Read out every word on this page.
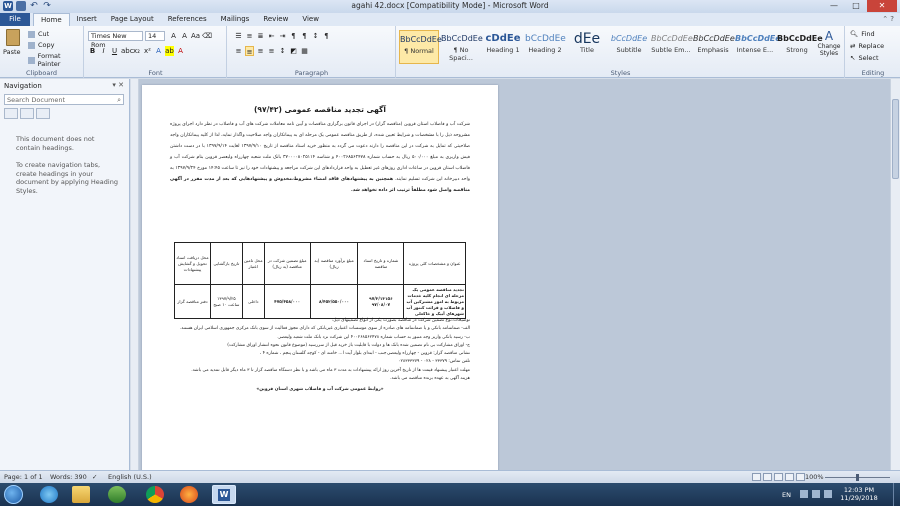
W ↶ ↷	agahi 42.docx [Compatibility Mode] - Microsoft Word	—	□	✕
File	Home	Insert	Page Layout	References	Mailings	Review	View	⌃ ?
Paste
Cut
Copy
Format Painter
Clipboard
Times New Rom
14	A A Aa ⌫
B	I	U abc x₂ x² A ab A
Font
☰ ≡ ≣ ⇤ ⇥ ¶ ¶ ↕ ¶
≡ ≡ ≡ ≡ ↕ ◩ ▦
Paragraph
BbCcDdEe
¶ Normal
BbCcDdEe
¶ No Spaci...
cDdEe
Heading 1
bCcDdEe
Heading 2
dEe
Title
bCcDdEe
Subtitle
BbCcDdEe
Subtle Em...
BbCcDdEe
Emphasis
BbCcDdEe
Intense E...
BbCcDdEe
Strong
A
Change Styles
Styles
🔍︎ Find
⇄ Replace
↖ Select
Editing
Navigation	▾ ✕
Search Document	⌕
This document does not contain headings.
To create navigation tabs, create headings in your document by applying Heading Styles.
آگهی تجدید مناقصه عمومی (۹۷/۴۲)
شرکت آب و فاضلاب استان قزوین (مناقصه گزار) در اجرای قانون برگزاری مناقصات و آیین نامه معاملات شرکت های آب و فاضلاب در نظر دارد اجرای پروژه مشروحه ذیل را با مشخصات و شرایط تعیین شده، از طریق مناقصه عمومی یک مرحله ای به پیمانکاران واجد صلاحیت واگذار نماید، لذا از کلیه پیمانکاران واجد صلاحیتی که تمایل به شرکت در این مناقصه را دارند دعوت می گردد به منظور خرید اسناد مناقصه از تاریخ ۱۳۹۷/۹/۱۰ لغایت ۱۳۹۷/۹/۱۴ با در دست داشتن فیش واریزی به مبلغ ۵۰۰/۰۰۰ ریال به حساب شماره ۴۰۰۲۶۸۵۶۲۴۷۸ و شناسه ۳۷۰۰۰۰۸۰۲۵۱۱۴ بانک ملت شعبه چهارراه ولیعصر قزوین بنام شرکت آب و فاضلاب استان قزوین در ساعات اداری روزهای غیر تعطیل به واحد قراردادهای این شرکت مراجعه و پیشنهادات خود را نیز تا ساعت ۱۴:۴۵ مورخ ۱۳۹۷/۹/۲۴ به واحد دبیرخانه این شرکت تسلیم نمایند. همچنین به پیشنهادهای فاقد امضاء مشروط،مخدوش و پیشنهادهایی که بعد از مدت مقرر در آگهی مناقصه واصل شود مطلقاً ترتیب اثر داده نخواهد شد.
عنوان و مشخصات کلی پروژه	شماره و تاریخ اسناد مناقصه	مبلغ برآورد مناقصه (به ریال)	مبلغ تضمین شرکت در مناقصه (به ریال)	محل تامین اعتبار	تاریخ بازگشایی	محل دریافت اسناد تحویل و گشایش پیشنهادات
تجدید مناقصه عمومی یک مرحله ای انجام کلیه خدمات مربوط به امور مشترکین آب و فاضلاب و قرائت کنتور آب شهرهای آبیک و خاکعلی	۹۷/۳/۱۳۱۵۶ ۹۷/۰۸/۰۷	۸/۴۵۲/۵۵۰/۰۰۰	۴۷۵/۴۵۸/۰۰۰	داخلی	۱۳۹۷/۹/۲۵ ساعت ۱۰ صبح	دفتر مناقصه گزار
توضیحات:نوع تضمین شرکت در مناقصه بصورت یکی از انواع تضمینهای ذیل:
الف- ضمانتنامه بانکی و یا ضمانتنامه های صادره از سوی موسسات اعتباری غیربانکی که دارای مجوز فعالیت از سوی بانک مرکزی جمهوری اسلامی ایران هستند.
ب- رسید بانکی واریز وجه منبور به حساب شماره ۴۰۰۲۶۸۵۶۲۴۷۸ این شرکت نزد بانک ملت شعبه ولیعصر.
ج- اوراق مشارکت بی نام تضمین شده بانک ها و دولت با قابلیت باز خرید قبل از سررسید (موضوع قانون نحوه انتشار اوراق مشارکت)
نشانی مناقصه گزار: قزوین - چهارراه ولیعصر،جنب - ابتدای بلوار آیت ا... خامنه ای - کوچه گلستان پنجم ، شماره ۴ ،
تلفن تماس: ۳۳۳۷۹ - ۰۲۸ - ۰۲۸۳۳۳۳۷۹
مهلت اعتبار پیشنهاد قیمت ها از تاریخ آخرین روز ارائه پیشنهادات به مدت ۳ ماه می باشد و با نظر دستگاه مناقصه گزار تا ۳ ماه دیگر قابل تمدید می باشد.
هزینه آگهی به عهده برنده مناقصه می باشد.
«روابط عمومی شرکت آب و فاضلاب شهری استان قزوین»
Page: 1 of 1 Words: 390 ✓ English (U.S.)	100%
W	EN
12:03 PM
11/29/2018
